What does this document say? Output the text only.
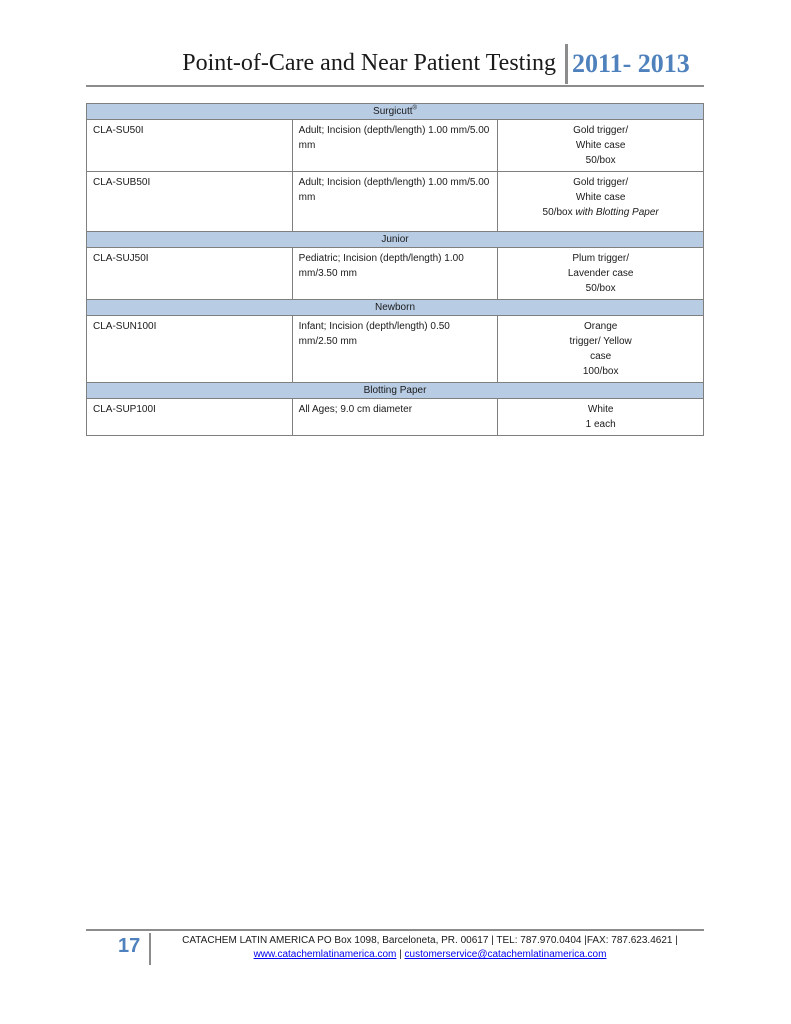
Point-of-Care and Near Patient Testing 2011- 2013
Surgicutt®
CLA-SU50I	Adult; Incision (depth/length) 1.00 mm/5.00 mm	Gold trigger/
White case
50/box

CLA-SUB50I	Adult; Incision (depth/length) 1.00 mm/5.00 mm	Gold trigger/
White case
50/box with Blotting Paper

Junior		
CLA-SUJ50I	Pediatric; Incision (depth/length) 1.00 mm/3.50 mm	Plum trigger/
Lavender case
50/box

Newborn		
CLA-SUN100I	Infant; Incision (depth/length) 0.50 mm/2.50 mm	Orange
trigger/ Yellow
case
100/box

Blotting Paper		
CLA-SUP100I	All Ages; 9.0 cm diameter	White
1 each
17	CATACHEM LATIN AMERICA PO Box 1098, Barceloneta, PR. 00617 | TEL: 787.970.0404 |FAX: 787.623.4621 |
www.catachemlatinamerica.com | customerservice@catachemlatinamerica.com
